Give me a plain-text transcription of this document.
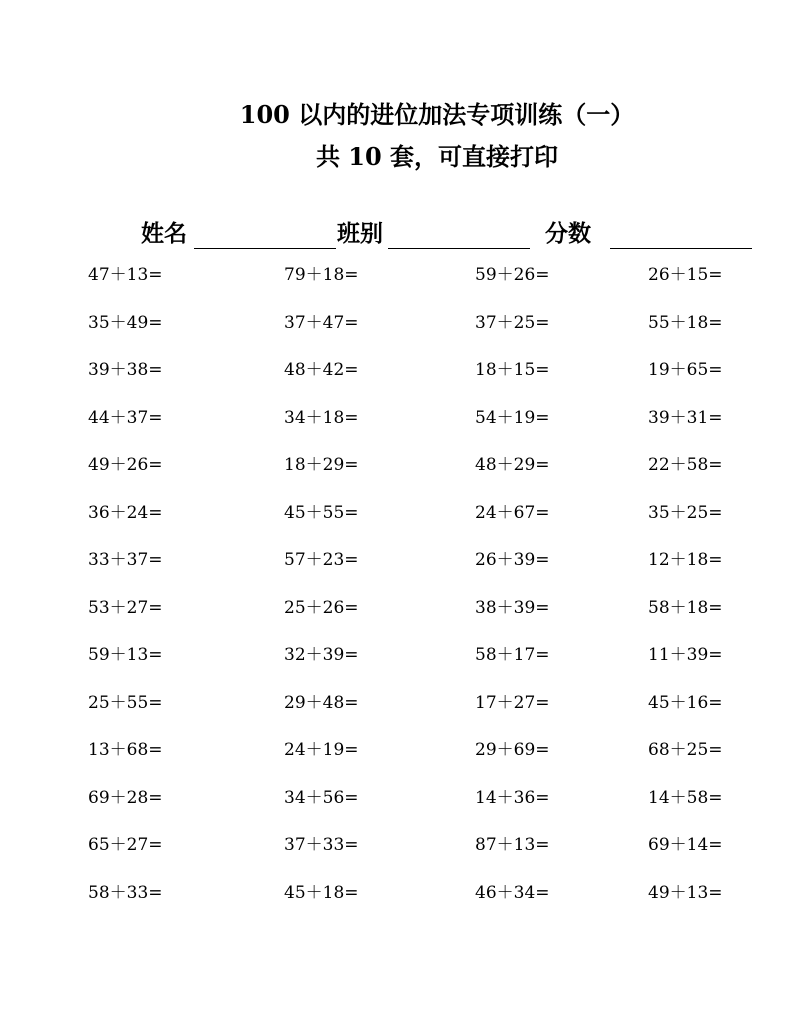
100 以内的进位加法专项训练（一）
共 10 套，可直接打印
姓名	班别	分数
47＋13=	79＋18=	59＋26=	26＋15=
35＋49=	37＋47=	37＋25=	55＋18=
39＋38=	48＋42=	18＋15=	19＋65=
44＋37=	34＋18=	54＋19=	39＋31=
49＋26=	18＋29=	48＋29=	22＋58=
36＋24=	45＋55=	24＋67=	35＋25=
33＋37=	57＋23=	26＋39=	12＋18=
53＋27=	25＋26=	38＋39=	58＋18=
59＋13=	32＋39=	58＋17=	11＋39=
25＋55=	29＋48=	17＋27=	45＋16=
13＋68=	24＋19=	29＋69=	68＋25=
69＋28=	34＋56=	14＋36=	14＋58=
65＋27=	37＋33=	87＋13=	69＋14=
58＋33=	45＋18=	46＋34=	49＋13=
